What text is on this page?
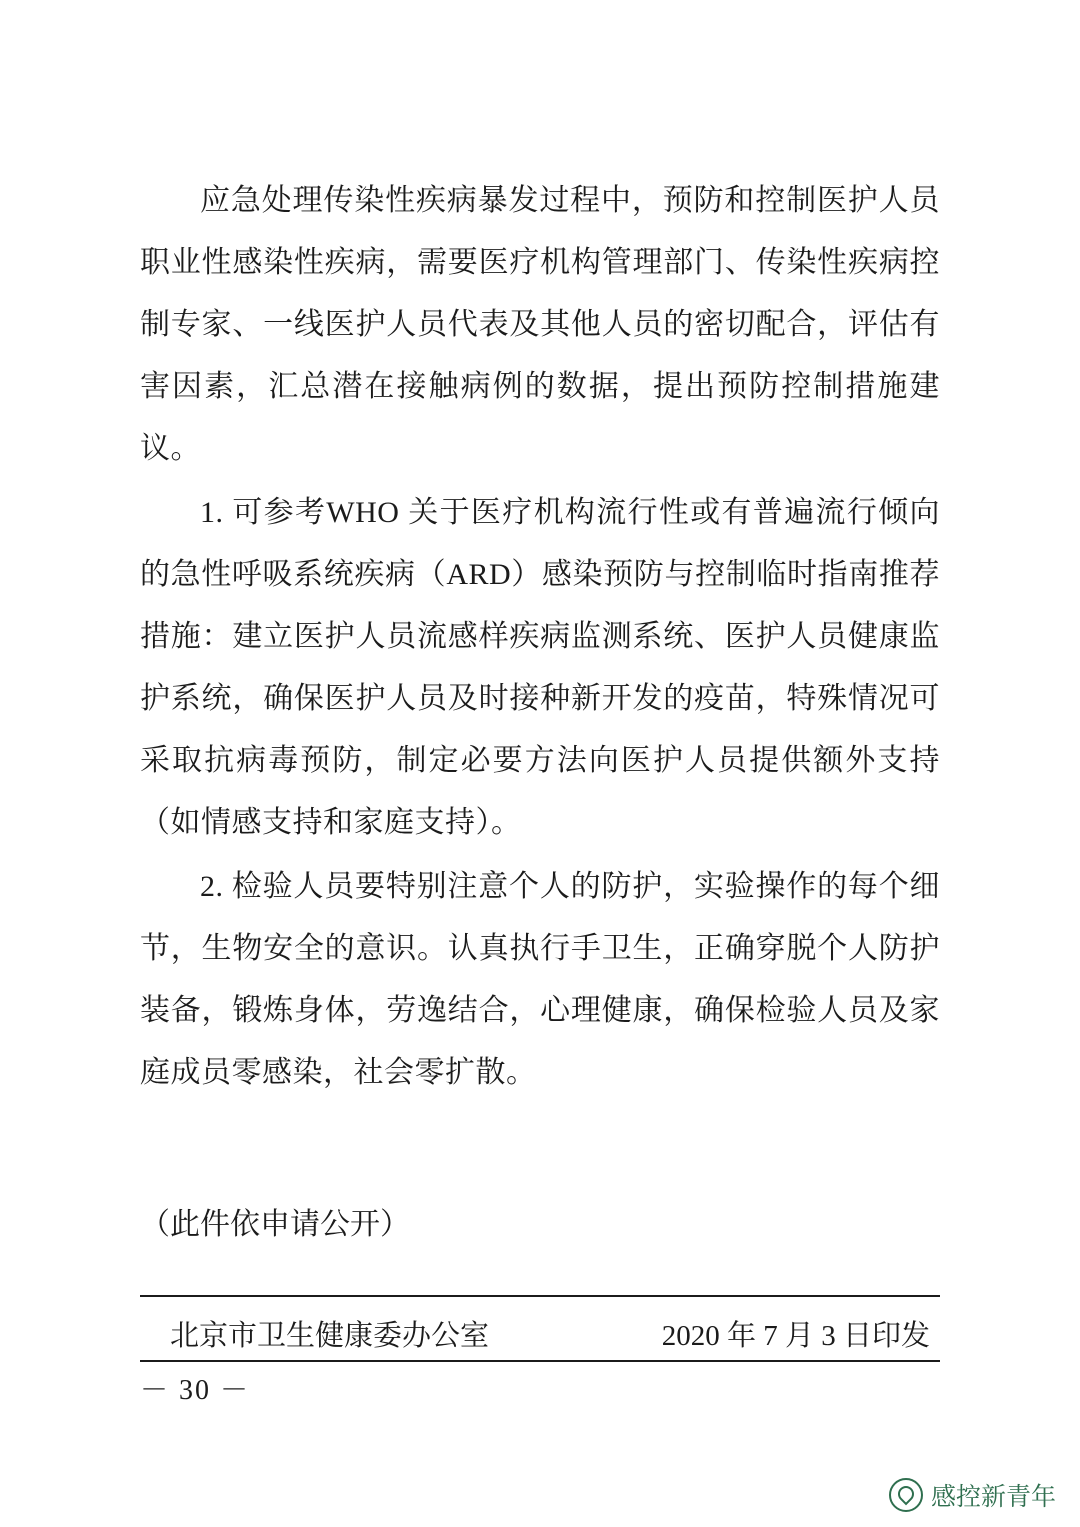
应急处理传染性疾病暴发过程中，预防和控制医护人员职业性感染性疾病，需要医疗机构管理部门、传染性疾病控制专家、一线医护人员代表及其他人员的密切配合，评估有害因素，汇总潜在接触病例的数据，提出预防控制措施建议。

1. 可参考WHO 关于医疗机构流行性或有普遍流行倾向的急性呼吸系统疾病（ARD）感染预防与控制临时指南推荐措施：建立医护人员流感样疾病监测系统、医护人员健康监护系统，确保医护人员及时接种新开发的疫苗，特殊情况可采取抗病毒预防，制定必要方法向医护人员提供额外支持（如情感支持和家庭支持）。

2. 检验人员要特别注意个人的防护，实验操作的每个细节，生物安全的意识。认真执行手卫生，正确穿脱个人防护装备，锻炼身体，劳逸结合，心理健康，确保检验人员及家庭成员零感染，社会零扩散。

（此件依申请公开）
北京市卫生健康委办公室	2020 年 7 月 3 日印发
－ 30 －
感控新青年
